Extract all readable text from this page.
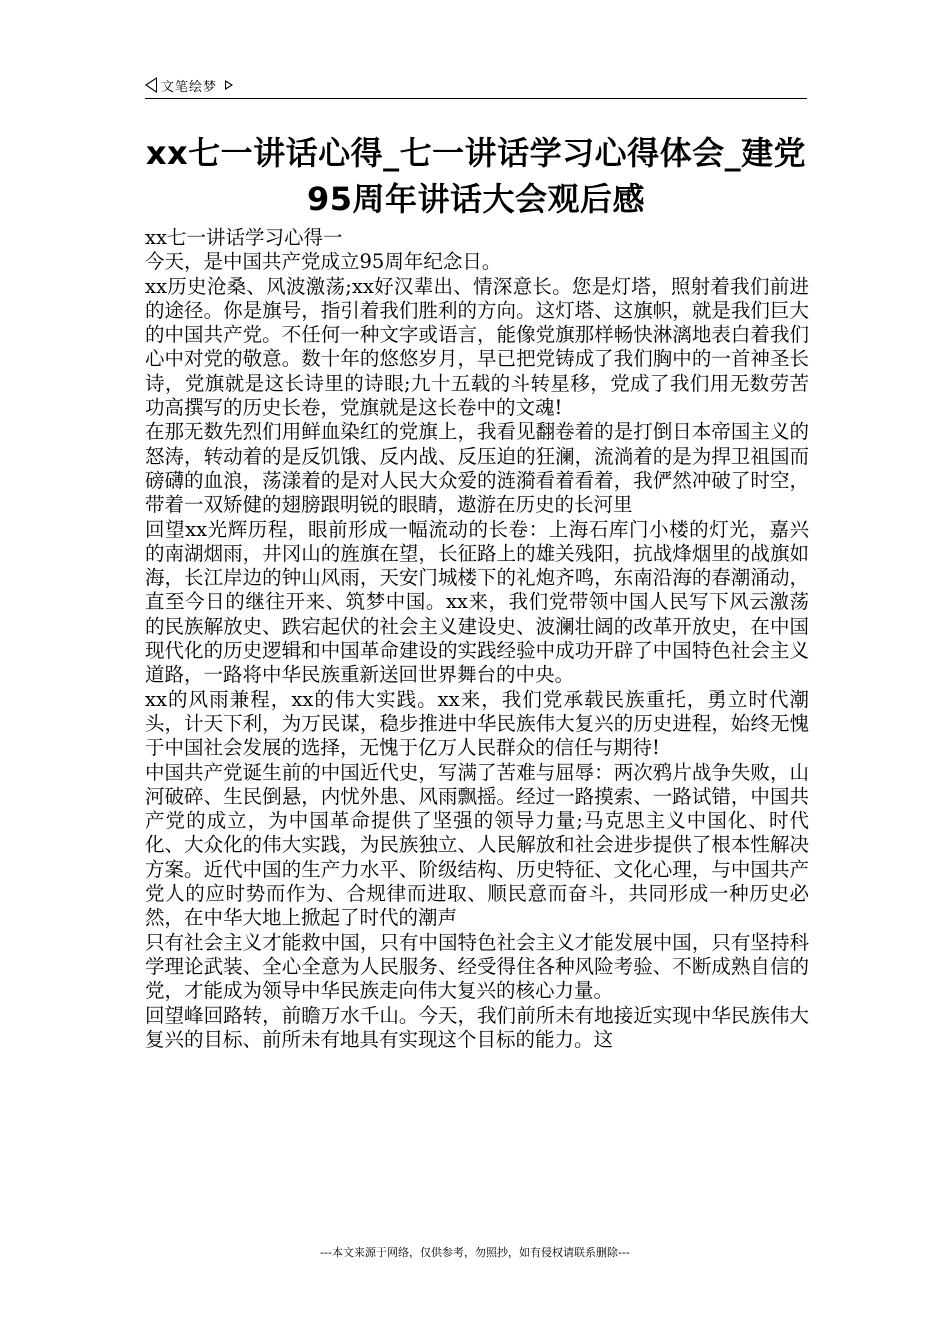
文笔绘梦
xx七一讲话心得_七一讲话学习心得体会_建党95周年讲话大会观后感

xx七一讲话学习心得一

今天，是中国共产党成立95周年纪念日。

xx历史沧桑、风波激荡;xx好汉辈出、情深意长。您是灯塔，照射着我们前进的途径。你是旗号，指引着我们胜利的方向。这灯塔、这旗帜，就是我们巨大的中国共产党。不任何一种文字或语言，能像党旗那样畅快淋漓地表白着我们心中对党的敬意。数十年的悠悠岁月，早已把党铸成了我们胸中的一首神圣长诗，党旗就是这长诗里的诗眼;九十五载的斗转星移，党成了我们用无数劳苦功高撰写的历史长卷，党旗就是这长卷中的文魂!

在那无数先烈们用鲜血染红的党旗上，我看见翻卷着的是打倒日本帝国主义的怒涛，转动着的是反饥饿、反内战、反压迫的狂澜，流淌着的是为捍卫祖国而磅礴的血浪，荡漾着的是对人民大众爱的涟漪看着看着，我俨然冲破了时空，带着一双矫健的翅膀跟明锐的眼睛，遨游在历史的长河里

回望xx光辉历程，眼前形成一幅流动的长卷：上海石库门小楼的灯光，嘉兴的南湖烟雨，井冈山的旌旗在望，长征路上的雄关残阳，抗战烽烟里的战旗如海，长江岸边的钟山风雨，天安门城楼下的礼炮齐鸣，东南沿海的春潮涌动，直至今日的继往开来、筑梦中国。xx来，我们党带领中国人民写下风云激荡的民族解放史、跌宕起伏的社会主义建设史、波澜壮阔的改革开放史，在中国现代化的历史逻辑和中国革命建设的实践经验中成功开辟了中国特色社会主义道路，一路将中华民族重新送回世界舞台的中央。

xx的风雨兼程，xx的伟大实践。xx来，我们党承载民族重托，勇立时代潮头，计天下利，为万民谋，稳步推进中华民族伟大复兴的历史进程，始终无愧于中国社会发展的选择，无愧于亿万人民群众的信任与期待!

中国共产党诞生前的中国近代史，写满了苦难与屈辱：两次鸦片战争失败，山河破碎、生民倒悬，内忧外患、风雨飘摇。经过一路摸索、一路试错，中国共产党的成立，为中国革命提供了坚强的领导力量;马克思主义中国化、时代化、大众化的伟大实践，为民族独立、人民解放和社会进步提供了根本性解决方案。近代中国的生产力水平、阶级结构、历史特征、文化心理，与中国共产党人的应时势而作为、合规律而进取、顺民意而奋斗，共同形成一种历史必然，在中华大地上掀起了时代的潮声

只有社会主义才能救中国，只有中国特色社会主义才能发展中国，只有坚持科学理论武装、全心全意为人民服务、经受得住各种风险考验、不断成熟自信的党，才能成为领导中华民族走向伟大复兴的核心力量。

回望峰回路转，前瞻万水千山。今天，我们前所未有地接近实现中华民族伟大复兴的目标、前所未有地具有实现这个目标的能力。这

---本文来源于网络，仅供参考，勿照抄，如有侵权请联系删除---
